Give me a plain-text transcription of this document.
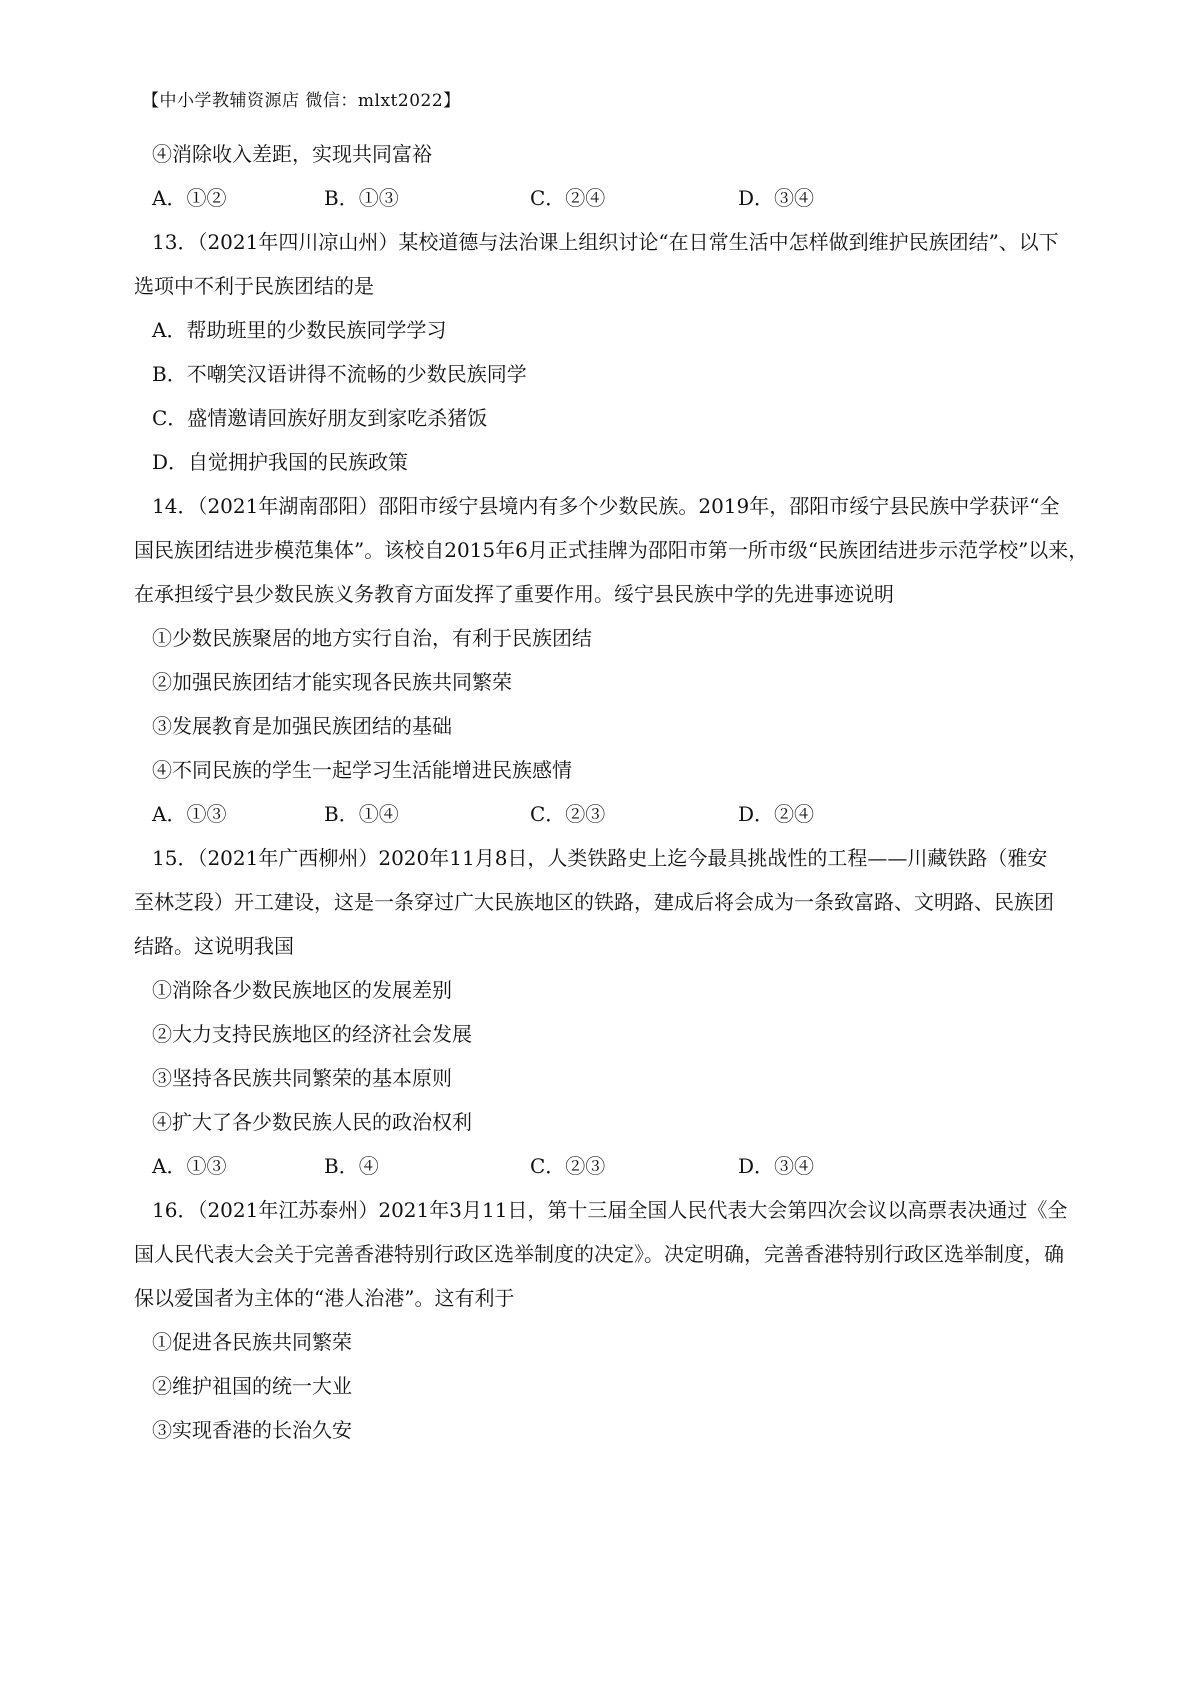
【中小学教辅资源店 微信：mlxt2022】
④消除收入差距，实现共同富裕
A．①②	B．①③	C．②④	D．③④
13．（2021年四川凉山州）某校道德与法治课上组织讨论“在日常生活中怎样做到维护民族团结”、以下
选项中不利于民族团结的是
A．帮助班里的少数民族同学学习
B．不嘲笑汉语讲得不流畅的少数民族同学
C．盛情邀请回族好朋友到家吃杀猪饭
D．自觉拥护我国的民族政策
14．（2021年湖南邵阳）邵阳市绥宁县境内有多个少数民族。2019年，邵阳市绥宁县民族中学获评“全
国民族团结进步模范集体”。该校自2015年6月正式挂牌为邵阳市第一所市级“民族团结进步示范学校”以来，
在承担绥宁县少数民族义务教育方面发挥了重要作用。绥宁县民族中学的先进事迹说明
①少数民族聚居的地方实行自治，有利于民族团结
②加强民族团结才能实现各民族共同繁荣
③发展教育是加强民族团结的基础
④不同民族的学生一起学习生活能增进民族感情
A．①③	B．①④	C．②③	D．②④
15．（2021年广西柳州）2020年11月8日，人类铁路史上迄今最具挑战性的工程——川藏铁路（雅安
至林芝段）开工建设，这是一条穿过广大民族地区的铁路，建成后将会成为一条致富路、文明路、民族团
结路。这说明我国
①消除各少数民族地区的发展差别
②大力支持民族地区的经济社会发展
③坚持各民族共同繁荣的基本原则
④扩大了各少数民族人民的政治权利
A．①③	B．④	C．②③	D．③④
16．（2021年江苏泰州）2021年3月11日，第十三届全国人民代表大会第四次会议以高票表决通过《全
国人民代表大会关于完善香港特别行政区选举制度的决定》。决定明确，完善香港特别行政区选举制度，确
保以爱国者为主体的“港人治港”。这有利于
①促进各民族共同繁荣
②维护祖国的统一大业
③实现香港的长治久安
